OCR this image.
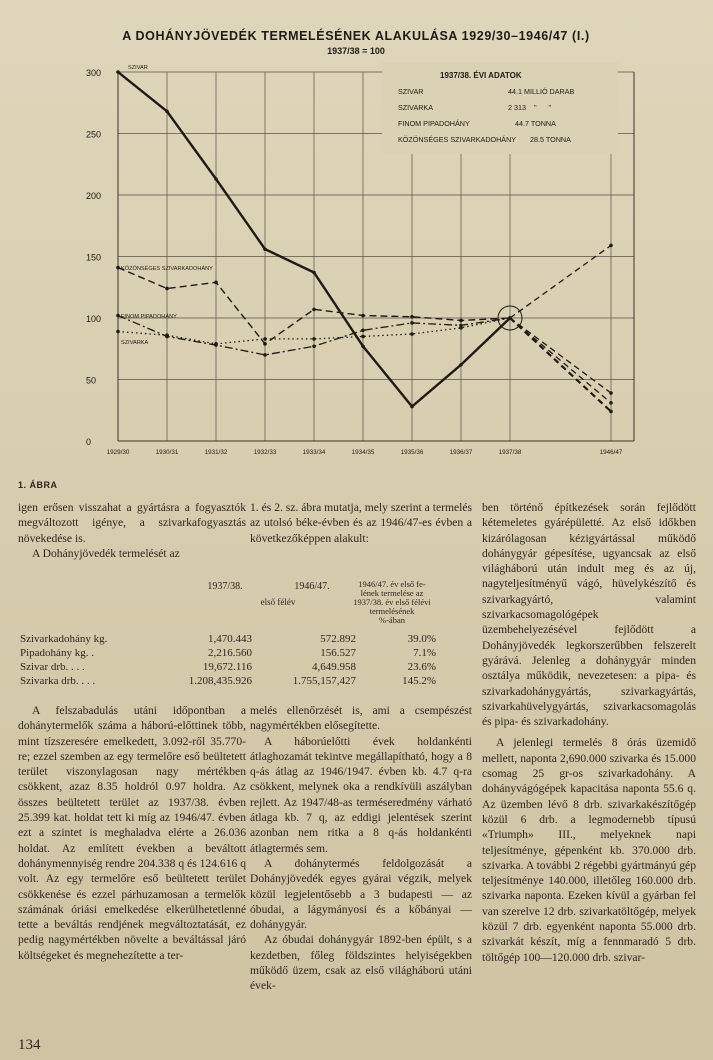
0
50
100
150
200
250
300
1929/30	1930/31	1931/32	1932/33	1933/34	1934/35	1935/36	1936/37	1937/38	1946/47
SZIVAR
KÖZÖNSÉGES SZIVARKADOHÁNY
FINOM PIPADOHÁNY
SZIVARKA
A DOHÁNYJÖVEDÉK TERMELÉSÉNEK ALAKULÁSA 1929/30–1946/47 (I.)
1937/38 = 100
1937/38. ÉVI ADATOK
SZIVAR	44.1 MILLIÓ DARAB
SZIVARKA	2 313    "      "
FINOM PIPADOHÁNY	44.7 TONNA
KÖZÖNSÉGES SZIVARKADOHÁNY 28.5 TONNA
1. ÁBRA

igen erősen visszahat a gyártásra a fogyasztók megváltozott igénye, a szivarkafogyasztás növekedése is.

A Dohányjövedék termelését az

1. és 2. sz. ábra mutatja, mely szerint a termelés az utolsó béke-évben és az 1946/47-es évben a következőképpen alakult:

ben történő építkezések során fejlődött kétemeletes gyárépületté. Az első időkben kizárólagosan kézigyártással működő dohánygyár gépesítése, ugyancsak az első világháború után indult meg és az új, nagyteljesítményű vágó, hüvelykészítő és szivarkagyártó, valamint szivarkacsomagológépek üzembehelyezésével fejlődött a Dohányjövedék legkorszerűbben felszerelt gyárává. Jelenleg a dohánygyár minden osztálya működik, nevezetesen: a pipa- és szivarkadohánygyártás, szivarkagyártás, szivarkahüvelygyártás, szivarkacsomagolás és pipa- és szivarkadohány.

A jelenlegi termelés 8 órás üzemidő mellett, naponta 2,690.000 szivarka és 15.000 csomag 25 gr-os szivarkadohány. A dohányvágógépek kapacitása naponta 55.6 q. Az üzemben lévő 8 drb. szivarkakészítőgép közül 6 drb. a legmodernebb típusú «Triumph» III., melyeknek napi teljesítménye, gépenként kb. 370.000 drb. szivarka. A további 2 régebbi gyártmányú gép teljesítménye 140.000, illetőleg 160.000 drb. szivarka naponta. Ezeken kívül a gyárban fel van szerelve 12 drb. szivarkatöltőgép, melyek közül 7 drb. egyenként naponta 55.000 drb. szivarkát készít, míg a fennmaradó 5 drb. töltőgép 100—120.000 drb. szivar-

1937/38.	1946/47.
első félév
1946/47. év első fe-
lének termelése az
1937/38. év első félévi
termelésének
%-ában
Szivarkadohány kg.	1,470.443	572.892	39.0%	
Pipadohány kg. .	2,216.560	156.527	7.1%	
Szivar drb. . . .	19,672.116	4,649.958	23.6%	
Szivarka drb. . . .	1.208,435.926	1.755,157,427	145.2%	

A felszabadulás utáni időpontban a dohánytermelők száma a háború-előttinek több, mint tízszeresére emelkedett, 3.092-ről 35.770-re; ezzel szemben az egy termelőre eső beültetett terület viszonylagosan nagy mértékben csökkent, azaz 8.35 holdról 0.97 holdra. Az összes beültetett terület az 1937/38. évben 25.399 kat. holdat tett ki míg az 1946/47. évben ezt a szintet is meghaladva elérte a 26.036 holdat. Az említett években a beváltott dohánymennyiség rendre 204.338 q és 124.616 q volt. Az egy termelőre eső beültetett terület csökkenése és ezzel párhuzamosan a termelők számának óriási emelkedése elkerülhetetlenné tette a beváltás rendjének megváltoztatását, ez pedig nagymértékben növelte a beváltással járó költségeket és megnehezítette a ter-

melés ellenőrzését is, ami a csempészést nagymértékben elősegítette.

A háborúelőtti évek holdankénti átlaghozamát tekintve megállapítható, hogy a 8 q-ás átlag az 1946/1947. évben kb. 4.7 q-ra csökkent, melynek oka a rendkívüli aszályban rejlett. Az 1947/48-as terméseredmény várható átlaga kb. 7 q, az eddigi jelentések szerint azonban nem ritka a 8 q-ás holdankénti átlagtermés sem.

A dohánytermés feldolgozását a Dohányjövedék egyes gyárai végzik, melyek közül legjelentősebb a 3 budapesti — az óbudai, a lágymányosi és a kőbányai — dohánygyár.

Az óbudai dohánygyár 1892-ben épült, s a kezdetben, főleg földszintes helyiségekben működő üzem, csak az első világháború utáni évek-

134
